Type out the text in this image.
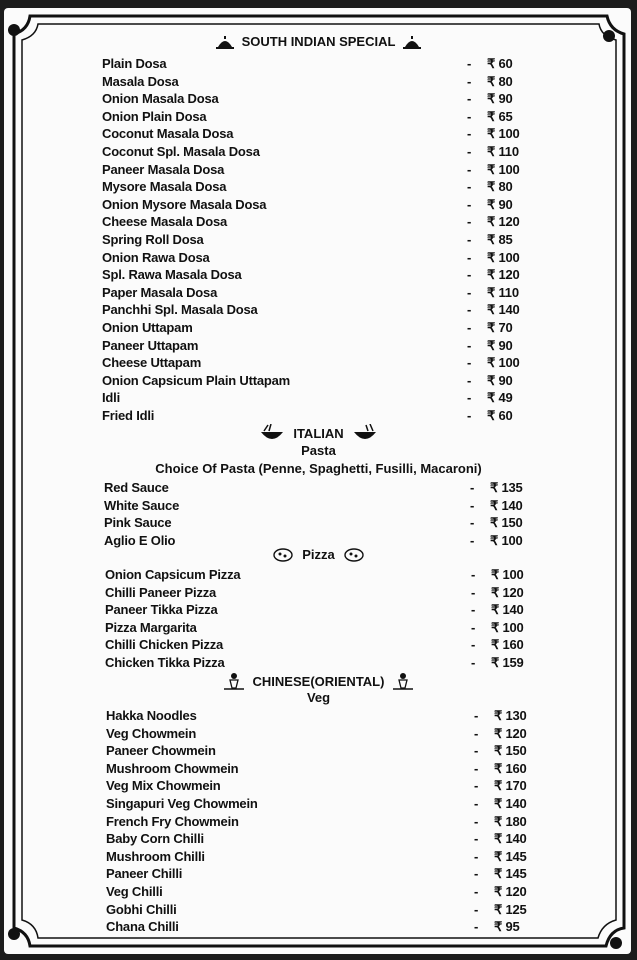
SOUTH INDIAN SPECIAL
Plain Dosa	- ₹ 60
Masala Dosa	- ₹ 80
Onion Masala Dosa	- ₹ 90
Onion Plain Dosa	- ₹ 65
Coconut Masala Dosa	- ₹ 100
Coconut Spl. Masala Dosa	- ₹ 110
Paneer Masala Dosa	- ₹ 100
Mysore Masala Dosa	- ₹ 80
Onion Mysore Masala Dosa	- ₹ 90
Cheese Masala Dosa	- ₹ 120
Spring Roll Dosa	- ₹ 85
Onion Rawa Dosa	- ₹ 100
Spl. Rawa Masala Dosa	- ₹ 120
Paper Masala Dosa	- ₹ 110
Panchhi Spl. Masala Dosa	- ₹ 140
Onion Uttapam	- ₹ 70
Paneer Uttapam	- ₹ 90
Cheese Uttapam	- ₹ 100
Onion Capsicum Plain Uttapam	- ₹ 90
Idli	- ₹ 49
Fried Idli	- ₹ 60
ITALIAN
Pasta
Choice Of Pasta (Penne, Spaghetti, Fusilli, Macaroni)
Red Sauce	- ₹ 135
White Sauce	- ₹ 140
Pink Sauce	- ₹ 150
Aglio E Olio	- ₹ 100
Pizza
Onion Capsicum Pizza	- ₹ 100
Chilli Paneer Pizza	- ₹ 120
Paneer Tikka Pizza	- ₹ 140
Pizza Margarita	- ₹ 100
Chilli Chicken Pizza	- ₹ 160
Chicken Tikka Pizza	- ₹ 159
CHINESE(ORIENTAL)
Veg
Hakka Noodles	- ₹ 130
Veg Chowmein	- ₹ 120
Paneer Chowmein	- ₹ 150
Mushroom Chowmein	- ₹ 160
Veg Mix Chowmein	- ₹ 170
Singapuri Veg Chowmein	- ₹ 140
French Fry Chowmein	- ₹ 180
Baby Corn Chilli	- ₹ 140
Mushroom Chilli	- ₹ 145
Paneer Chilli	- ₹ 145
Veg Chilli	- ₹ 120
Gobhi Chilli	- ₹ 125
Chana Chilli	- ₹ 95
